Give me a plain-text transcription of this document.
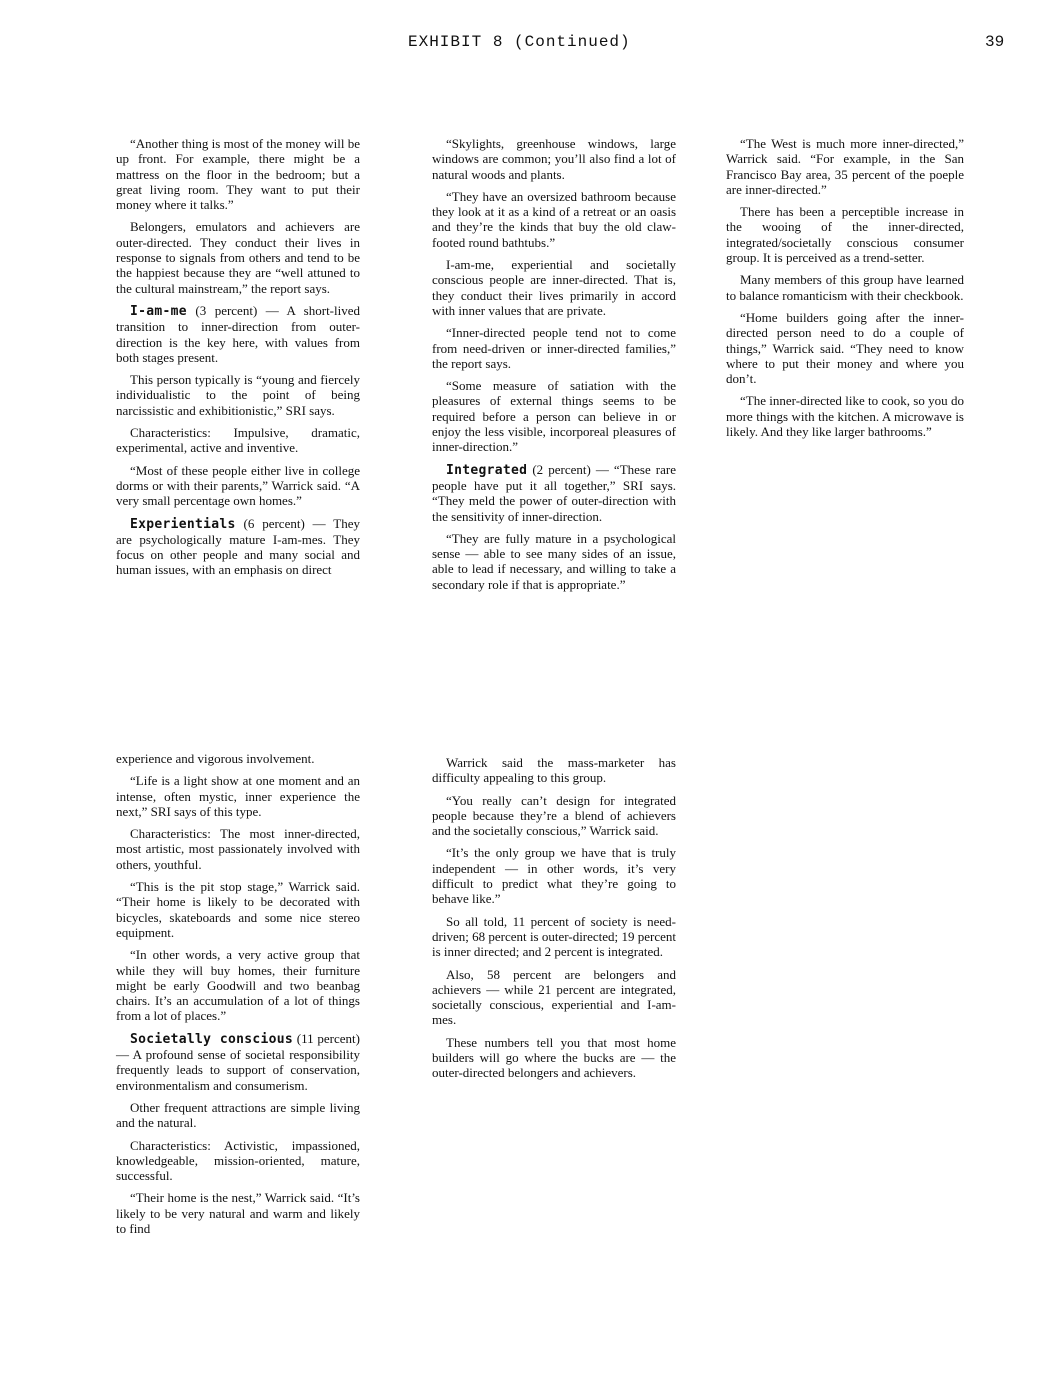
EXHIBIT 8 (Continued)	39

“Another thing is most of the money will be up front. For example, there might be a mattress on the floor in the bedroom; but a great living room. They want to put their money where it talks.”

Belongers, emulators and achievers are outer-directed. They conduct their lives in response to signals from others and tend to be the happiest because they are “well attuned to the cultural mainstream,” the report says.

I-am-me (3 percent) — A short-lived transition to inner-direction from outer-direction is the key here, with values from both stages present.

This person typically is “young and fiercely individualistic to the point of being narcissistic and exhibitionistic,” SRI says.

Characteristics: Impulsive, dramatic, experimental, active and inventive.

“Most of these people either live in college dorms or with their parents,” Warrick said. “A very small percentage own homes.”

Experientials (6 percent) — They are psychologically mature I-am-mes. They focus on other people and many social and human issues, with an emphasis on direct

experience and vigorous involvement.

“Life is a light show at one moment and an intense, often mystic, inner experience the next,” SRI says of this type.

Characteristics: The most inner-directed, most artistic, most passionately involved with others, youthful.

“This is the pit stop stage,” Warrick said. “Their home is likely to be decorated with bicycles, skateboards and some nice stereo equipment.

“In other words, a very active group that while they will buy homes, their furniture might be early Goodwill and two beanbag chairs. It’s an accumulation of a lot of things from a lot of places.”

Societally conscious (11 percent) — A profound sense of societal responsibility frequently leads to support of conservation, environmentalism and consumerism.

Other frequent attractions are simple living and the natural.

Characteristics: Activistic, impassioned, knowledgeable, mission-oriented, mature, successful.

“Their home is the nest,” Warrick said. “It’s likely to be very natural and warm and likely to find

“Skylights, greenhouse windows, large windows are common; you’ll also find a lot of natural woods and plants.

“They have an oversized bathroom because they look at it as a kind of a retreat or an oasis and they’re the kinds that buy the old claw-footed round bathtubs.”

I-am-me, experiential and societally conscious people are inner-directed. That is, they conduct their lives primarily in accord with inner values that are private.

“Inner-directed people tend not to come from need-driven or inner-directed families,” the report says.

“Some measure of satiation with the pleasures of external things seems to be required before a person can believe in or enjoy the less visible, incorporeal pleasures of inner-direction.”

Integrated (2 percent) — “These rare people have put it all together,” SRI says. “They meld the power of outer-direction with the sensitivity of inner-direction.

“They are fully mature in a psychological sense — able to see many sides of an issue, able to lead if necessary, and willing to take a secondary role if that is appropriate.”

Warrick said the mass-marketer has difficulty appealing to this group.

“You really can’t design for integrated people because they’re a blend of achievers and the societally conscious,” Warrick said.

“It’s the only group we have that is truly independent — in other words, it’s very difficult to predict what they’re going to behave like.”

So all told, 11 percent of society is need-driven; 68 percent is outer-directed; 19 percent is inner directed; and 2 percent is integrated.

Also, 58 percent are belongers and achievers — while 21 percent are integrated, societally conscious, experiential and I-am-mes.

These numbers tell you that most home builders will go where the bucks are — the outer-directed belongers and achievers.

“The West is much more inner-directed,” Warrick said. “For example, in the San Francisco Bay area, 35 percent of the poeple are inner-directed.”

There has been a perceptible increase in the wooing of the inner-directed, integrated/societally conscious consumer group. It is perceived as a trend-setter.

Many members of this group have learned to balance romanticism with their checkbook.

“Home builders going after the inner-directed person need to do a couple of things,” Warrick said. “They need to know where to put their money and where you don’t.

“The inner-directed like to cook, so you do more things with the kitchen. A microwave is likely. And they like larger bathrooms.”
